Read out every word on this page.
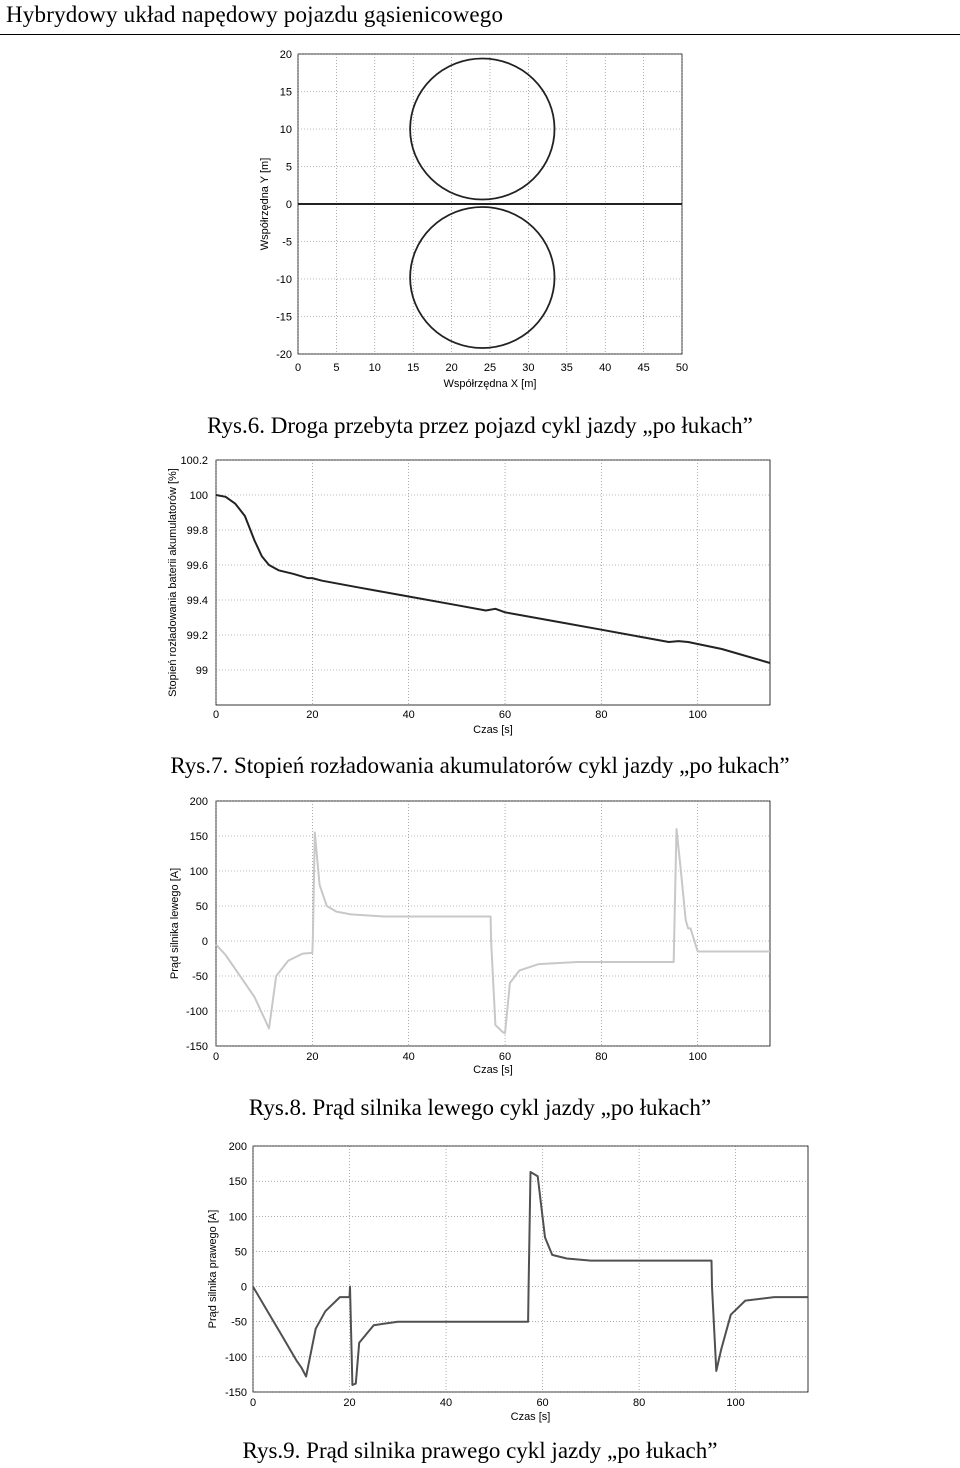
Hybrydowy układ napędowy pojazdu gąsienicowego
0	5	10 15 20 25 30 35 40 45 50
20
15
10
5
0
-5
-10
-15
-20
Współrzędna X [m]
Współrzędna Y [m]
Rys.6. Droga przebyta przez pojazd cykl jazdy „po łukach”
0	20	40	60	80	100
100.2
100
99.8
99.6
99.4
99.2
99
Czas [s]
Stopień rozładowania baterii akumulatorów [%]
Rys.7. Stopień rozładowania akumulatorów cykl jazdy „po łukach”
0	20	40	60	80	100
200
150
100
50
0
-50
-100
-150
Czas [s]
Prąd silnika lewego [A]
Rys.8. Prąd silnika lewego cykl jazdy „po łukach”
0	20	40	60	80	100
200
150
100
50
0
-50
-100
-150
Czas [s]
Prąd silnika prawego [A]
Rys.9. Prąd silnika prawego cykl jazdy „po łukach”
